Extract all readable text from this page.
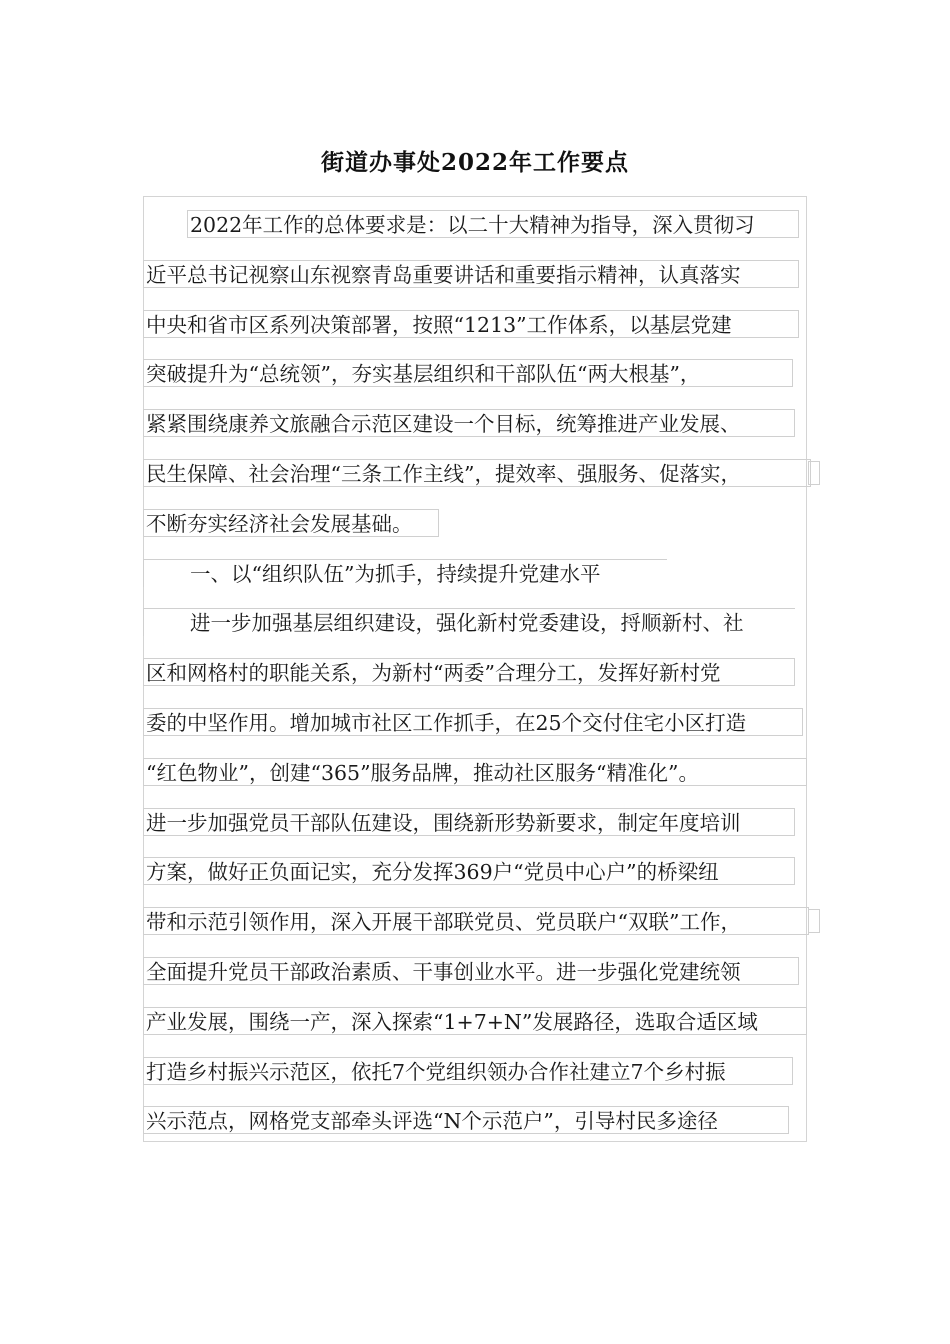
街道办事处2022年工作要点
2022年工作的总体要求是：以二十大精神为指导，深入贯彻习
近平总书记视察山东视察青岛重要讲话和重要指示精神，认真落实
中央和省市区系列决策部署，按照“1213”工作体系，以基层党建
突破提升为“总统领”，夯实基层组织和干部队伍“两大根基”，
紧紧围绕康养文旅融合示范区建设一个目标，统筹推进产业发展、
民生保障、社会治理“三条工作主线”，提效率、强服务、促落实，
不断夯实经济社会发展基础。
一、以“组织队伍”为抓手，持续提升党建水平
进一步加强基层组织建设，强化新村党委建设，捋顺新村、社
区和网格村的职能关系，为新村“两委”合理分工，发挥好新村党
委的中坚作用。增加城市社区工作抓手，在25个交付住宅小区打造
“红色物业”，创建“365”服务品牌，推动社区服务“精准化”。
进一步加强党员干部队伍建设，围绕新形势新要求，制定年度培训
方案，做好正负面记实，充分发挥369户“党员中心户”的桥梁纽
带和示范引领作用，深入开展干部联党员、党员联户“双联”工作，
全面提升党员干部政治素质、干事创业水平。进一步强化党建统领
产业发展，围绕一产，深入探索“1+7+N”发展路径，选取合适区域
打造乡村振兴示范区，依托7个党组织领办合作社建立7个乡村振
兴示范点，网格党支部牵头评选“N个示范户”，引导村民多途径
